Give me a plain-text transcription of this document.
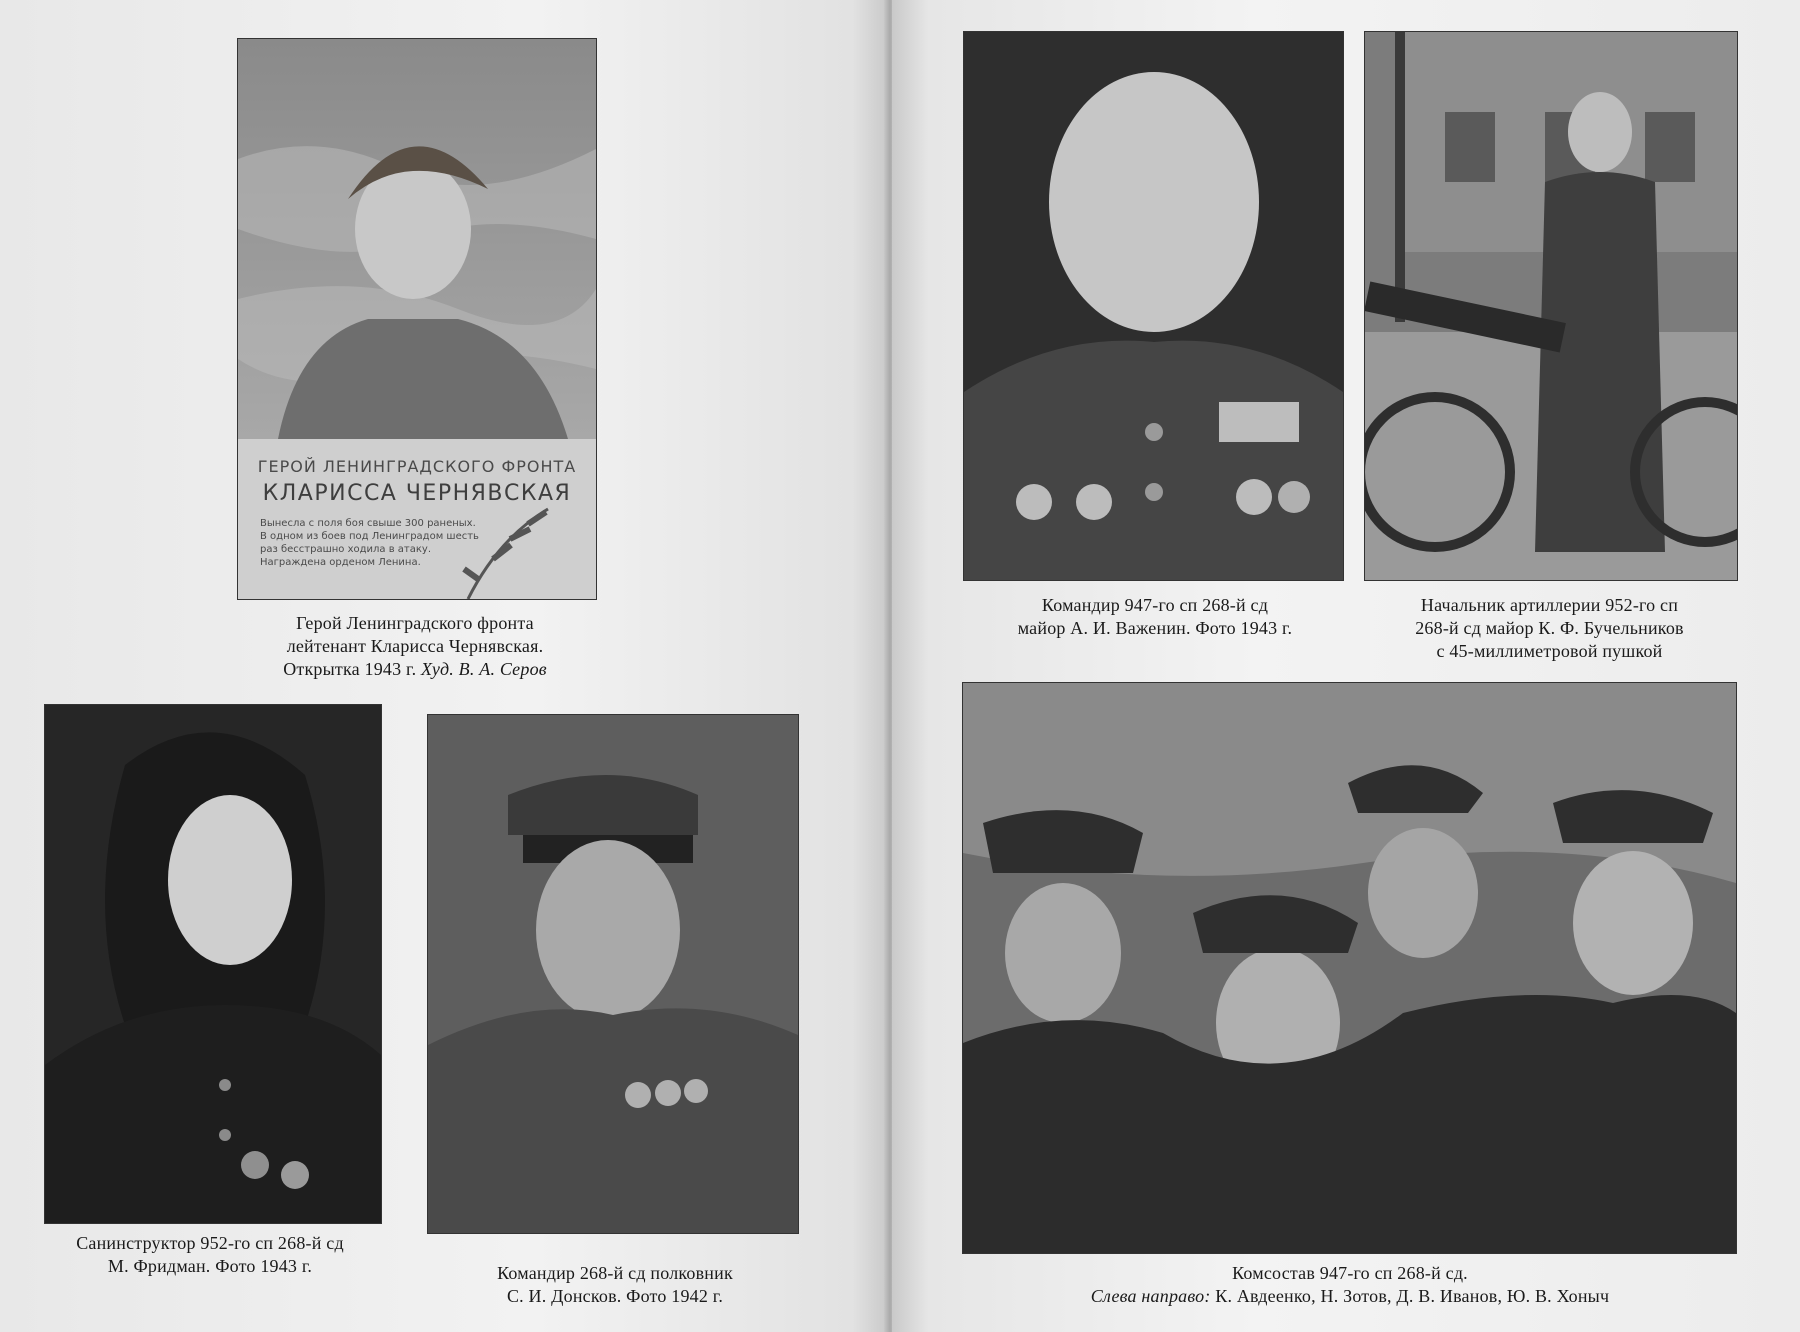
ГЕРОЙ ЛЕНИНГРАДСКОГО ФРОНТА
КЛАРИССА ЧЕРНЯВСКАЯ
Вынесла с поля боя свыше 300 раненых.
В одном из боев под Ленинградом шесть
раз бесстрашно ходила в атаку.
Награждена орденом Ленина.
Герой Ленинградского фронта
лейтенант Кларисса Чернявская.
Открытка 1943 г. Худ. В. А. Серов
Санинструктор 952-го сп 268-й сд
М. Фридман. Фото 1943 г.	Командир 268-й сд полковник
С. И. Донсков. Фото 1942 г.
Командир 947-го сп 268-й сд
майор А. И. Важенин. Фото 1943 г.
Начальник артиллерии 952-го сп
268-й сд майор К. Ф. Бучельников
с 45-миллиметровой пушкой
Комсостав 947-го сп 268-й сд.
Слева направо: К. Авдеенко, Н. Зотов, Д. В. Иванов, Ю. В. Хоныч
